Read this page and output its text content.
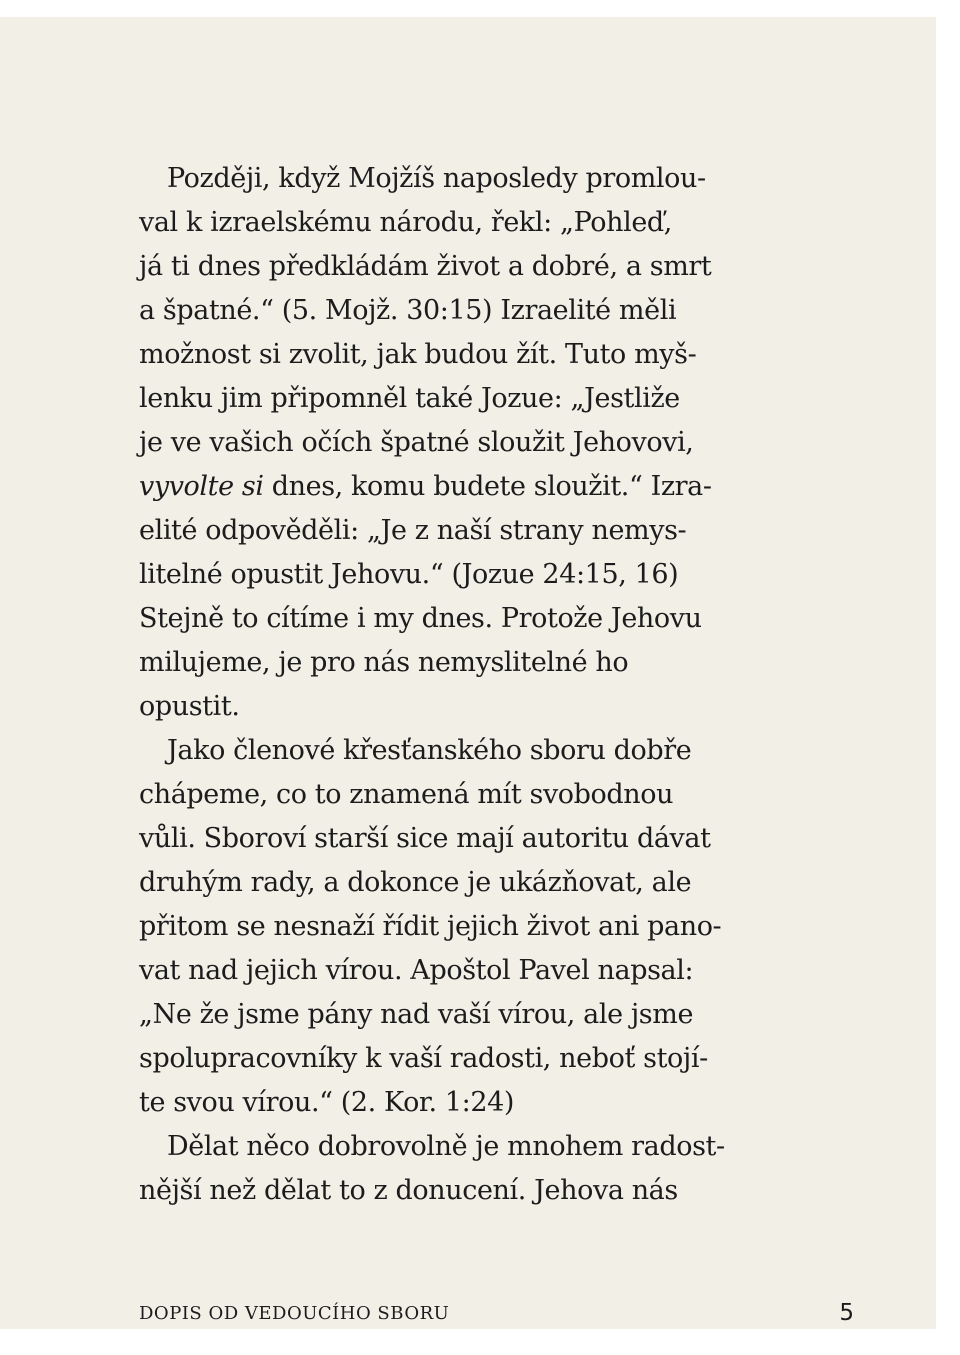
Později, když Mojžíš naposledy promlou-
val k izraelskému národu, řekl: „Pohleď,
já ti dnes předkládám život a dobré, a smrt
a špatné.“ (5. Mojž. 30:15) Izraelité měli
možnost si zvolit, jak budou žít. Tuto myš-
lenku jim připomněl také Jozue: „Jestliže
je ve vašich očích špatné sloužit Jehovovi,
vyvolte si dnes, komu budete sloužit.“ Izra-
elité odpověděli: „Je z naší strany nemys-
litelné opustit Jehovu.“ (Jozue 24:15, 16)
Stejně to cítíme i my dnes. Protože Jehovu
milujeme, je pro nás nemyslitelné ho
opustit.
Jako členové křesťanského sboru dobře
chápeme, co to znamená mít svobodnou
vůli. Sboroví starší sice mají autoritu dávat
druhým rady, a dokonce je ukázňovat, ale
přitom se nesnaží řídit jejich život ani pano-
vat nad jejich vírou. Apoštol Pavel napsal:
„Ne že jsme pány nad vaší vírou, ale jsme
spolupracovníky k vaší radosti, neboť stojí-
te svou vírou.“ (2. Kor. 1:24)
Dělat něco dobrovolně je mnohem radost-
nější než dělat to z donucení. Jehova nás
DOPIS OD VEDOUCÍHO SBORU	5
